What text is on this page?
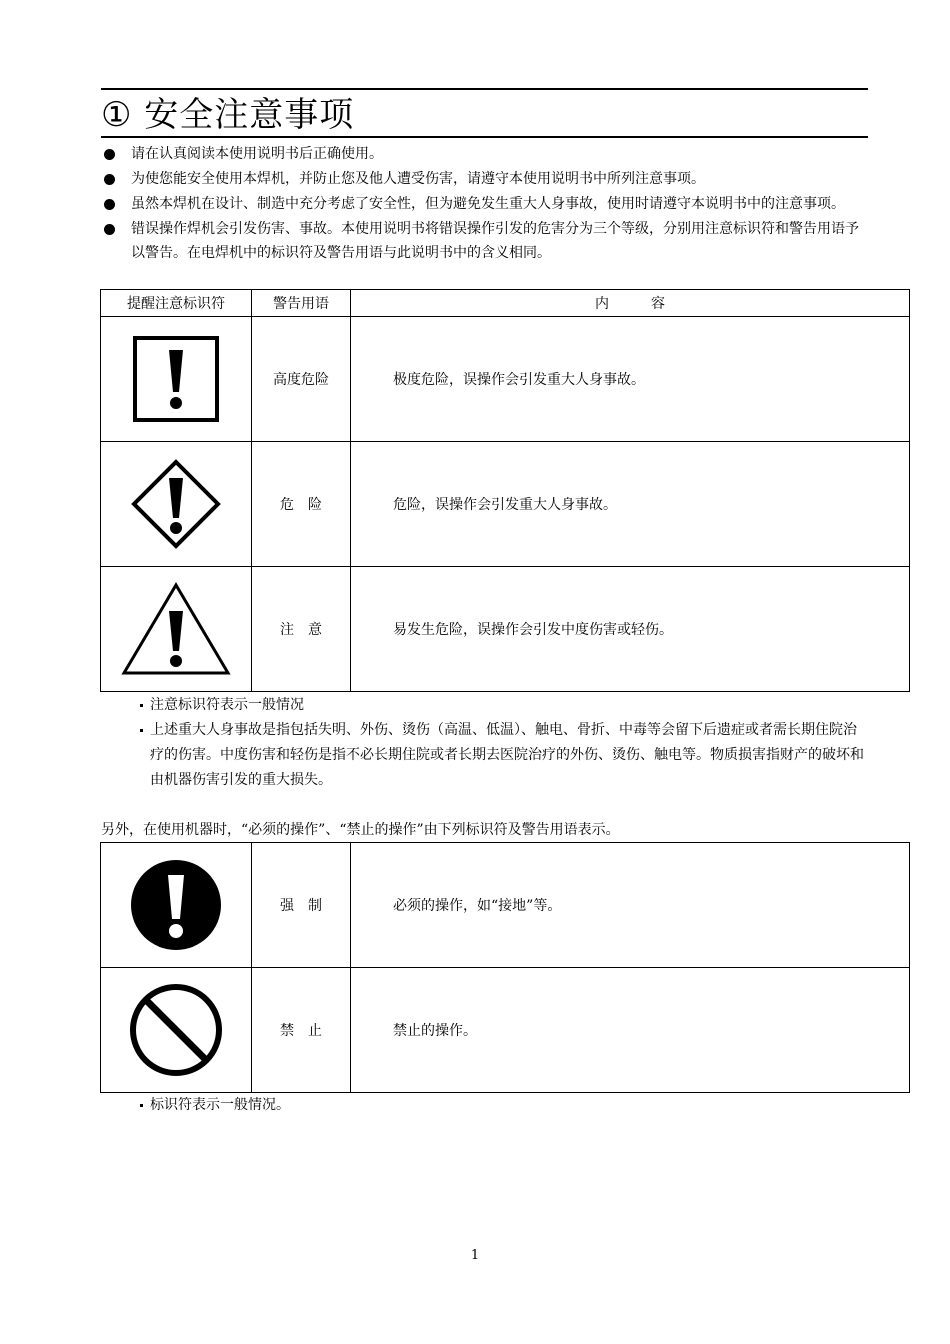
① 安全注意事项
请在认真阅读本使用说明书后正确使用。
为使您能安全使用本焊机，并防止您及他人遭受伤害，请遵守本使用说明书中所列注意事项。
虽然本焊机在设计、制造中充分考虑了安全性，但为避免发生重大人身事故，使用时请遵守本说明书中的注意事项。
错误操作焊机会引发伤害、事故。本使用说明书将错误操作引发的危害分为三个等级，分别用注意标识符和警告用语予以警告。在电焊机中的标识符及警告用语与此说明书中的含义相同。
提醒注意标识符	警告用语	内　　　容

	高度危险	极度危险，误操作会引发重大人身事故。

	危　险	危险，误操作会引发重大人身事故。

	注　意	易发生危险，误操作会引发中度伤害或轻伤。
注意标识符表示一般情况
上述重大人身事故是指包括失明、外伤、烫伤（高温、低温）、触电、骨折、中毒等会留下后遗症或者需长期住院治疗的伤害。中度伤害和轻伤是指不必长期住院或者长期去医院治疗的外伤、烫伤、触电等。物质损害指财产的破坏和由机器伤害引发的重大损失。
另外，在使用机器时，“必须的操作”、“禁止的操作”由下列标识符及警告用语表示。
	强　制	必须的操作，如“接地”等。

	禁　止	禁止的操作。
标识符表示一般情况。
1
